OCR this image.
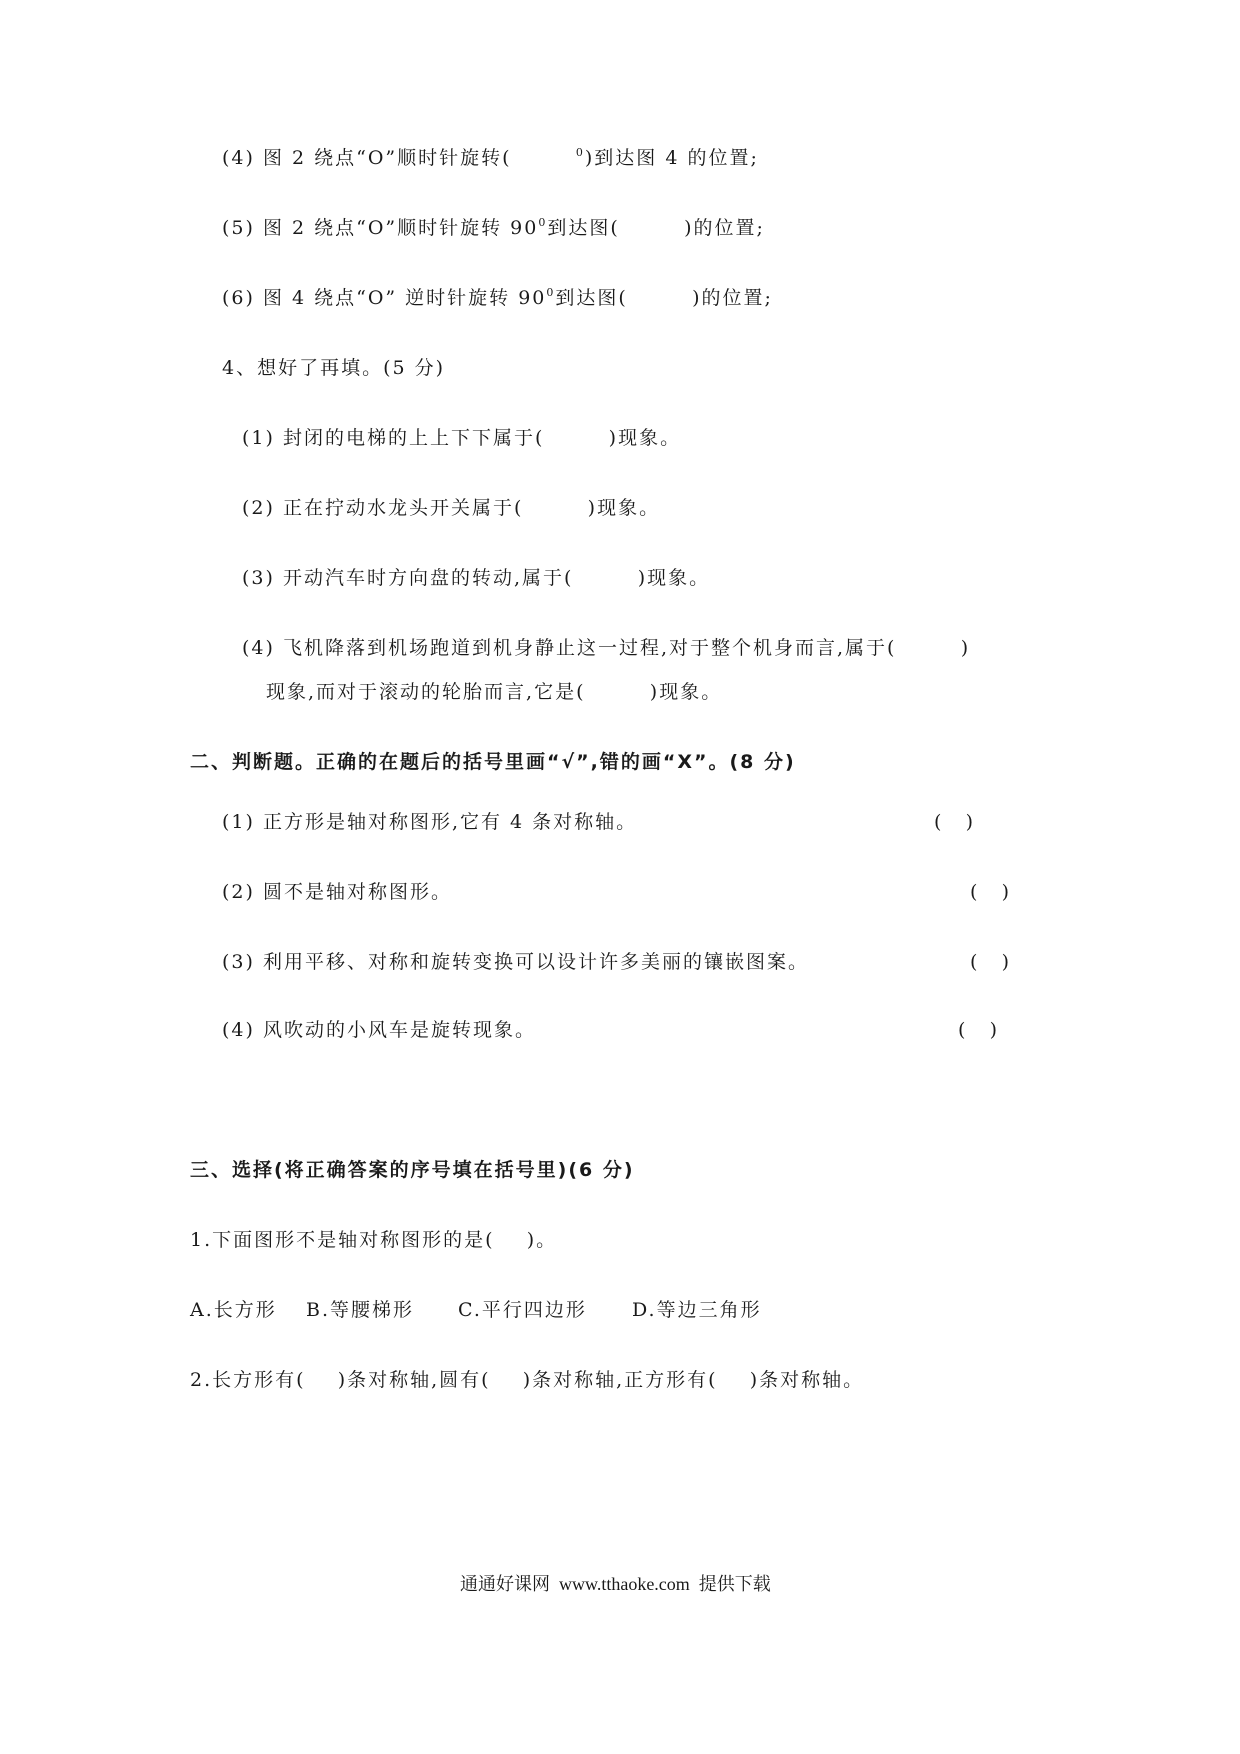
(4) 图 2 绕点“O”顺时针旋转(	$^0$)到达图 4 的位置;
(5) 图 2 绕点“O”顺时针旋转 $90^0$到达图(        )的位置;
(6) 图 4 绕点“O” 逆时针旋转 $90^0$到达图(        )的位置;
4、想好了再填。(5 分)
(1) 封闭的电梯的上上下下属于(        )现象。
(2) 正在拧动水龙头开关属于(        )现象。
(3) 开动汽车时方向盘的转动,属于(        )现象。
(4) 飞机降落到机场跑道到机身静止这一过程,对于整个机身而言,属于(        )
现象,而对于滚动的轮胎而言,它是(        )现象。
二、判断题。正确的在题后的括号里画“√”,错的画“X”。(8 分)
(1) 正方形是轴对称图形,它有 4 条对称轴。	(    )
(2) 圆不是轴对称图形。	(    )
(3) 利用平移、对称和旋转变换可以设计许多美丽的镶嵌图案。	(    )
(4) 风吹动的小风车是旋转现象。	(    )
三、选择(将正确答案的序号填在括号里)(6 分)
1.下面图形不是轴对称图形的是(    )。
A.长方形 B.等腰梯形 C.平行四边形 D.等边三角形
2.长方形有(    )条对称轴,圆有(    )条对称轴,正方形有(    )条对称轴。
通通好课网  www.tthaoke.com  提供下载
